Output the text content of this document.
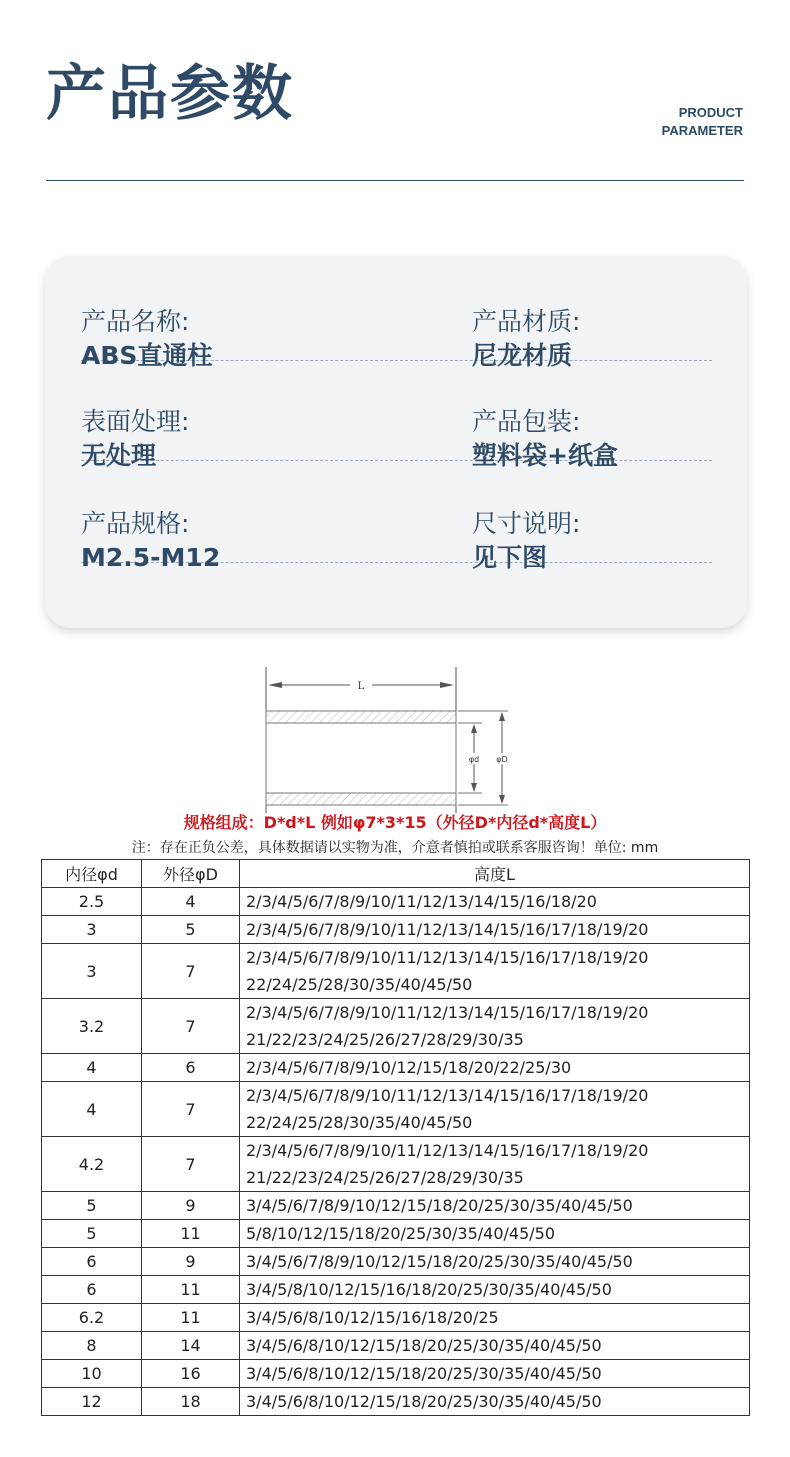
产品参数	PRODUCT
PARAMETER
产品名称:
ABS直通柱
产品材质:
尼龙材质
表面处理:
无处理
产品包装:
塑料袋+纸盒
产品规格:
M2.5-M12
尺寸说明:
见下图
L
φd φD
规格组成：D*d*L 例如φ7*3*15（外径D*内径d*高度L）
注：存在正负公差，具体数据请以实物为准，介意者慎拍或联系客服咨询！单位: mm
内径φd	外径φD	高度L
2.5	4	2/3/4/5/6/7/8/9/10/11/12/13/14/15/16/18/20
3	5	2/3/4/5/6/7/8/9/10/11/12/13/14/15/16/17/18/19/20
3	7	2/3/4/5/6/7/8/9/10/11/12/13/14/15/16/17/18/19/20
22/24/25/28/30/35/40/45/50
3.2	7	2/3/4/5/6/7/8/9/10/11/12/13/14/15/16/17/18/19/20
21/22/23/24/25/26/27/28/29/30/35
4	6	2/3/4/5/6/7/8/9/10/12/15/18/20/22/25/30
4	7	2/3/4/5/6/7/8/9/10/11/12/13/14/15/16/17/18/19/20
22/24/25/28/30/35/40/45/50
4.2	7	2/3/4/5/6/7/8/9/10/11/12/13/14/15/16/17/18/19/20
21/22/23/24/25/26/27/28/29/30/35
5	9	3/4/5/6/7/8/9/10/12/15/18/20/25/30/35/40/45/50
5	11	5/8/10/12/15/18/20/25/30/35/40/45/50
6	9	3/4/5/6/7/8/9/10/12/15/18/20/25/30/35/40/45/50
6	11	3/4/5/8/10/12/15/16/18/20/25/30/35/40/45/50
6.2	11	3/4/5/6/8/10/12/15/16/18/20/25
8	14	3/4/5/6/8/10/12/15/18/20/25/30/35/40/45/50
10	16	3/4/5/6/8/10/12/15/18/20/25/30/35/40/45/50
12	18	3/4/5/6/8/10/12/15/18/20/25/30/35/40/45/50
